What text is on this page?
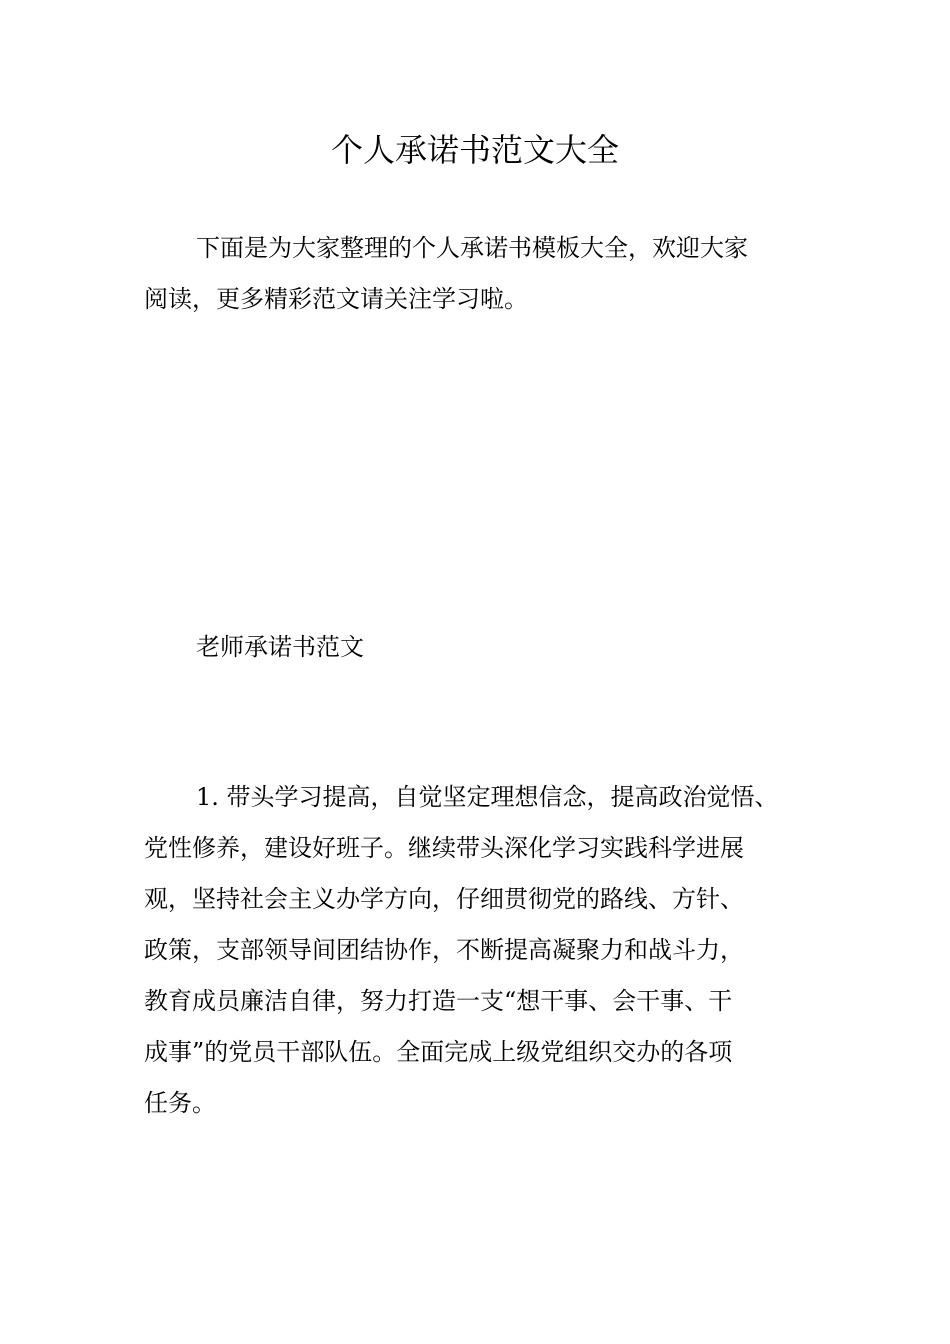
个人承诺书范文大全

下面是为大家整理的个人承诺书模板大全，欢迎大家
阅读，更多精彩范文请关注学习啦。

老师承诺书范文

1. 带头学习提高，自觉坚定理想信念，提高政治觉悟、
党性修养，建设好班子。继续带头深化学习实践科学进展
观，坚持社会主义办学方向，仔细贯彻党的路线、方针、
政策，支部领导间团结协作，不断提高凝聚力和战斗力，
教育成员廉洁自律，努力打造一支“想干事、会干事、干
成事”的党员干部队伍。全面完成上级党组织交办的各项
任务。
